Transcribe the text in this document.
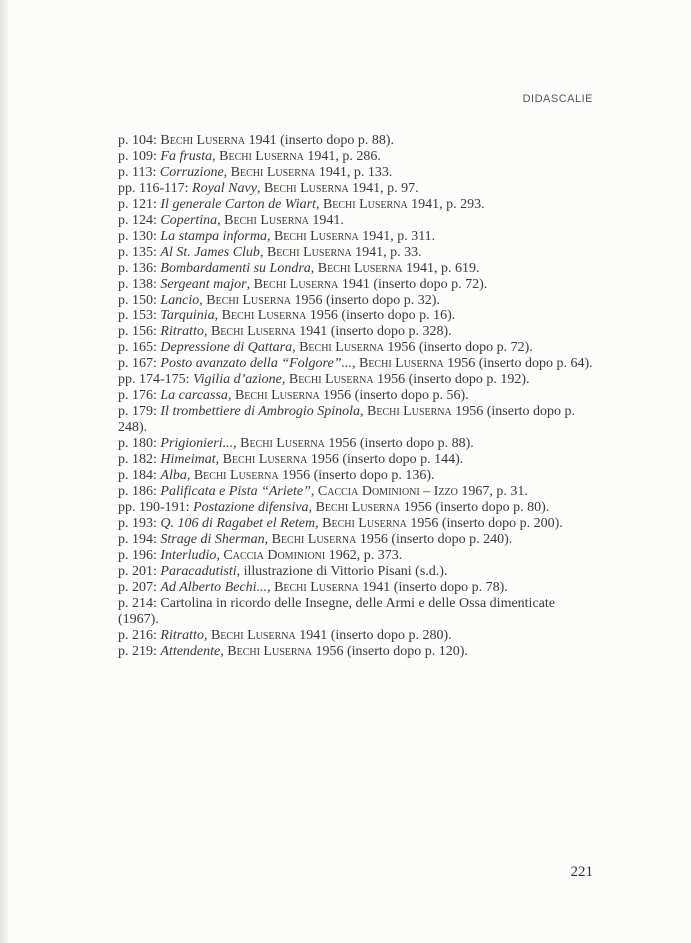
DIDASCALIE

p. 104: Bechi Luserna 1941 (inserto dopo p. 88).

p. 109: Fa frusta, Bechi Luserna 1941, p. 286.

p. 113: Corruzione, Bechi Luserna 1941, p. 133.

pp. 116-117: Royal Navy, Bechi Luserna 1941, p. 97.

p. 121: Il generale Carton de Wiart, Bechi Luserna 1941, p. 293.

p. 124: Copertina, Bechi Luserna 1941.

p. 130: La stampa informa, Bechi Luserna 1941, p. 311.

p. 135: Al St. James Club, Bechi Luserna 1941, p. 33.

p. 136: Bombardamenti su Londra, Bechi Luserna 1941, p. 619.

p. 138: Sergeant major, Bechi Luserna 1941 (inserto dopo p. 72).

p. 150: Lancio, Bechi Luserna 1956 (inserto dopo p. 32).

p. 153: Tarquinia, Bechi Luserna 1956 (inserto dopo p. 16).

p. 156: Ritratto, Bechi Luserna 1941 (inserto dopo p. 328).

p. 165: Depressione di Qattara, Bechi Luserna 1956 (inserto dopo p. 72).

p. 167: Posto avanzato della “Folgore”..., Bechi Luserna 1956 (inserto dopo p. 64).

pp. 174-175: Vigilia d’azione, Bechi Luserna 1956 (inserto dopo p. 192).

p. 176: La carcassa, Bechi Luserna 1956 (inserto dopo p. 56).

p. 179: Il trombettiere di Ambrogio Spinola, Bechi Luserna 1956 (inserto dopo p. 248).

p. 180: Prigionieri..., Bechi Luserna 1956 (inserto dopo p. 88).

p. 182: Himeimat, Bechi Luserna 1956 (inserto dopo p. 144).

p. 184: Alba, Bechi Luserna 1956 (inserto dopo p. 136).

p. 186: Palificata e Pista “Ariete”, Caccia Dominioni – Izzo 1967, p. 31.

pp. 190-191: Postazione difensiva, Bechi Luserna 1956 (inserto dopo p. 80).

p. 193: Q. 106 di Ragabet el Retem, Bechi Luserna 1956 (inserto dopo p. 200).

p. 194: Strage di Sherman, Bechi Luserna 1956 (inserto dopo p. 240).

p. 196: Interludio, Caccia Dominioni 1962, p. 373.

p. 201: Paracadutisti, illustrazione di Vittorio Pisani (s.d.).

p. 207: Ad Alberto Bechi..., Bechi Luserna 1941 (inserto dopo p. 78).

p. 214: Cartolina in ricordo delle Insegne, delle Armi e delle Ossa dimenticate (1967).

p. 216: Ritratto, Bechi Luserna 1941 (inserto dopo p. 280).

p. 219: Attendente, Bechi Luserna 1956 (inserto dopo p. 120).

221
